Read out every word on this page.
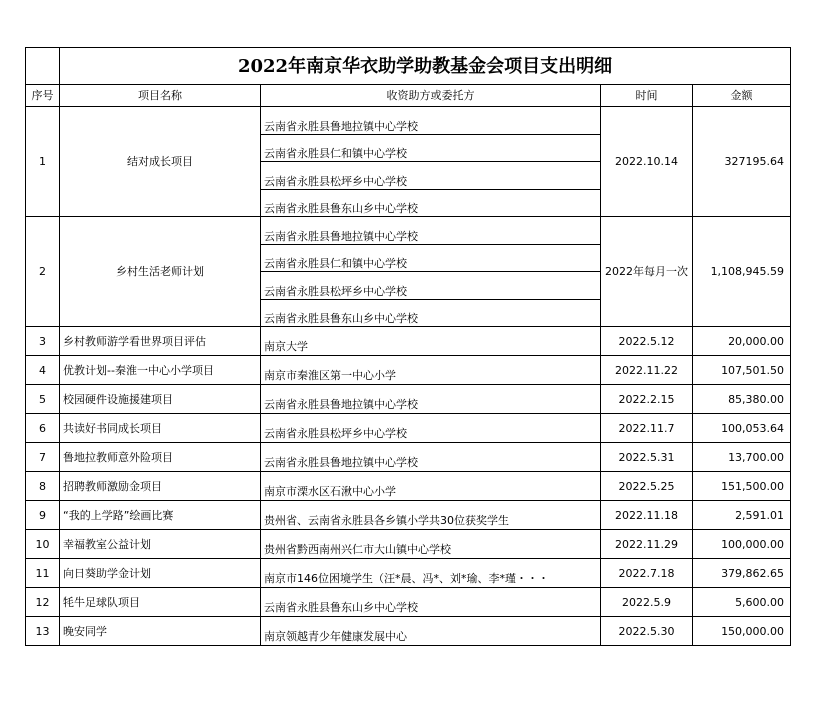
	2022年南京华衣助学助教基金会项目支出明细			
序号	项目名称	收资助方或委托方	时间	金额
1	结对成长项目	云南省永胜县鲁地拉镇中心学校
云南省永胜县仁和镇中心学校
云南省永胜县松坪乡中心学校
云南省永胜县鲁东山乡中心学校	2022.10.14	327195.64
2	乡村生活老师计划	云南省永胜县鲁地拉镇中心学校
云南省永胜县仁和镇中心学校
云南省永胜县松坪乡中心学校
云南省永胜县鲁东山乡中心学校	2022年每月一次	1,108,945.59
3	乡村教师游学看世界项目评估	南京大学	2022.5.12	20,000.00
4	优教计划--秦淮一中心小学项目	南京市秦淮区第一中心小学	2022.11.22	107,501.50
5	校园硬件设施援建项目	云南省永胜县鲁地拉镇中心学校	2022.2.15	85,380.00
6	共读好书同成长项目	云南省永胜县松坪乡中心学校	2022.11.7	100,053.64
7	鲁地拉教师意外险项目	云南省永胜县鲁地拉镇中心学校	2022.5.31	13,700.00
8	招聘教师激励金项目	南京市溧水区石湫中心小学	2022.5.25	151,500.00
9	“我的上学路”绘画比赛	贵州省、云南省永胜县各乡镇小学共30位获奖学生	2022.11.18	2,591.01
10	幸福教室公益计划	贵州省黔西南州兴仁市大山镇中心学校	2022.11.29	100,000.00
11	向日葵助学金计划	南京市146位困境学生（汪*晨、冯*、刘*瑜、李*瑾・・・	2022.7.18	379,862.65
12	牦牛足球队项目	云南省永胜县鲁东山乡中心学校	2022.5.9	5,600.00
13	晚安同学	南京领越青少年健康发展中心	2022.5.30	150,000.00
